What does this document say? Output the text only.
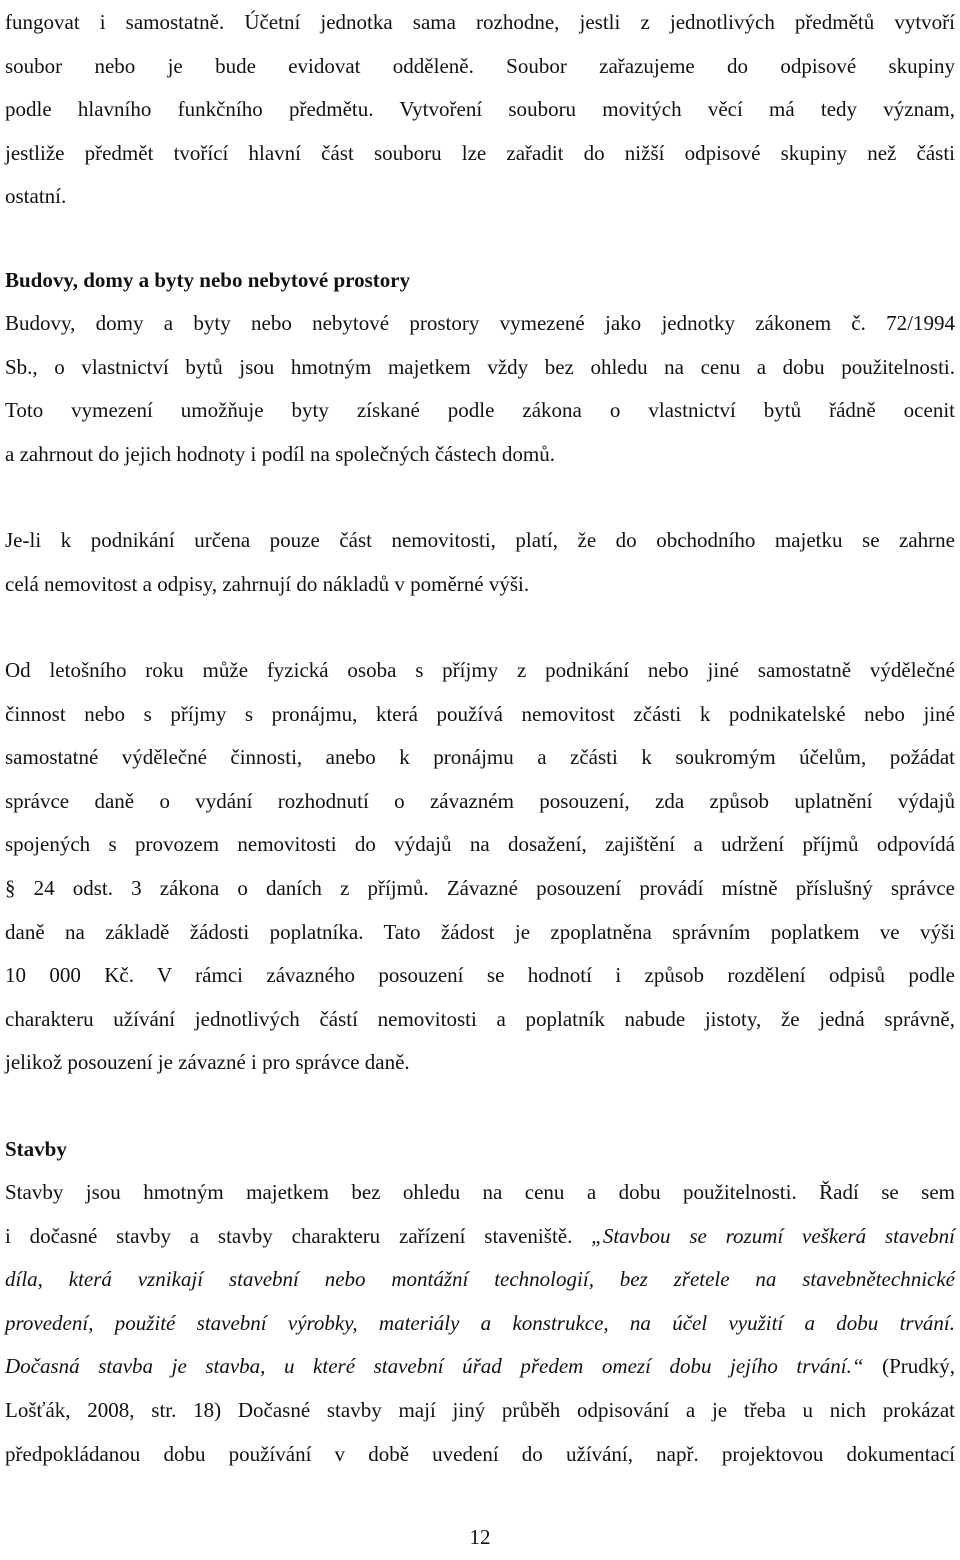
fungovat i samostatně. Účetní jednotka sama rozhodne, jestli z jednotlivých předmětů vytvoří
soubor nebo je bude evidovat odděleně. Soubor zařazujeme do odpisové skupiny
podle hlavního funkčního předmětu. Vytvoření souboru movitých věcí má tedy význam,
jestliže předmět tvořící hlavní část souboru lze zařadit do nižší odpisové skupiny než části
ostatní.
Budovy, domy a byty nebo nebytové prostory
Budovy, domy a byty nebo nebytové prostory vymezené jako jednotky zákonem č. 72/1994
Sb., o vlastnictví bytů jsou hmotným majetkem vždy bez ohledu na cenu a dobu použitelnosti.
Toto vymezení umožňuje byty získané podle zákona o vlastnictví bytů řádně ocenit
a zahrnout do jejich hodnoty i podíl na společných částech domů.
Je-li k podnikání určena pouze část nemovitosti, platí, že do obchodního majetku se zahrne
celá nemovitost a odpisy, zahrnují do nákladů v poměrné výši.
Od letošního roku může fyzická osoba s příjmy z podnikání nebo jiné samostatně výdělečné
činnost nebo s příjmy s pronájmu, která používá nemovitost zčásti k podnikatelské nebo jiné
samostatné výdělečné činnosti, anebo k pronájmu a zčásti k soukromým účelům, požádat
správce daně o vydání rozhodnutí o závazném posouzení, zda způsob uplatnění výdajů
spojených s provozem nemovitosti do výdajů na dosažení, zajištění a udržení příjmů odpovídá
§ 24 odst. 3 zákona o daních z příjmů. Závazné posouzení provádí místně příslušný správce
daně na základě žádosti poplatníka. Tato žádost je zpoplatněna správním poplatkem ve výši
10 000 Kč. V rámci závazného posouzení se hodnotí i způsob rozdělení odpisů podle
charakteru užívání jednotlivých částí nemovitosti a poplatník nabude jistoty, že jedná správně,
jelikož posouzení je závazné i pro správce daně.
Stavby
Stavby jsou hmotným majetkem bez ohledu na cenu a dobu použitelnosti. Řadí se sem
i dočasné stavby a stavby charakteru zařízení staveniště. „Stavbou se rozumí veškerá stavební
díla, která vznikají stavební nebo montážní technologií, bez zřetele na stavebnětechnické
provedení, použité stavební výrobky, materiály a konstrukce, na účel využití a dobu trvání.
Dočasná stavba je stavba, u které stavební úřad předem omezí dobu jejího trvání.“ (Prudký,
Lošťák, 2008, str. 18) Dočasné stavby mají jiný průběh odpisování a je třeba u nich prokázat
předpokládanou dobu používání v době uvedení do užívání, např. projektovou dokumentací
12
